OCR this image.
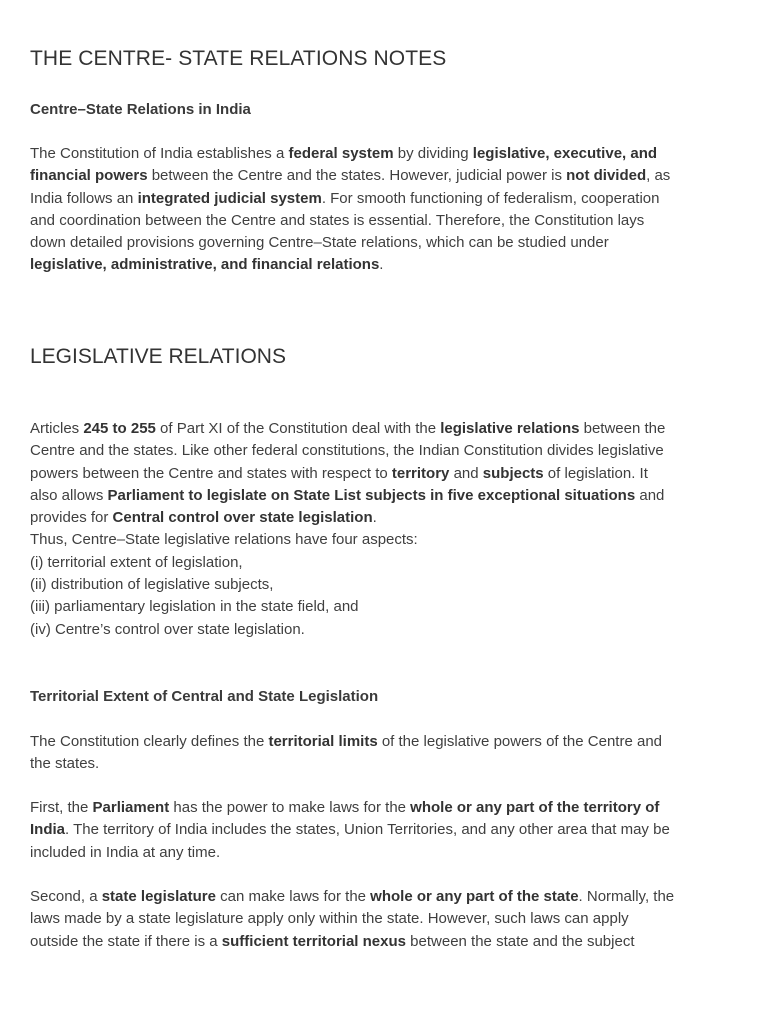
THE CENTRE- STATE RELATIONS NOTES
Centre–State Relations in India
The Constitution of India establishes a federal system by dividing legislative, executive, and
financial powers between the Centre and the states. However, judicial power is not divided, as
India follows an integrated judicial system. For smooth functioning of federalism, cooperation
and coordination between the Centre and states is essential. Therefore, the Constitution lays
down detailed provisions governing Centre–State relations, which can be studied under
legislative, administrative, and financial relations.
LEGISLATIVE RELATIONS
Articles 245 to 255 of Part XI of the Constitution deal with the legislative relations between the
Centre and the states. Like other federal constitutions, the Indian Constitution divides legislative
powers between the Centre and states with respect to territory and subjects of legislation. It
also allows Parliament to legislate on State List subjects in five exceptional situations and
provides for Central control over state legislation.
Thus, Centre–State legislative relations have four aspects:
(i) territorial extent of legislation,
(ii) distribution of legislative subjects,
(iii) parliamentary legislation in the state field, and
(iv) Centre’s control over state legislation.
Territorial Extent of Central and State Legislation
The Constitution clearly defines the territorial limits of the legislative powers of the Centre and
the states.
First, the Parliament has the power to make laws for the whole or any part of the territory of
India. The territory of India includes the states, Union Territories, and any other area that may be
included in India at any time.
Second, a state legislature can make laws for the whole or any part of the state. Normally, the
laws made by a state legislature apply only within the state. However, such laws can apply
outside the state if there is a sufficient territorial nexus between the state and the subject
